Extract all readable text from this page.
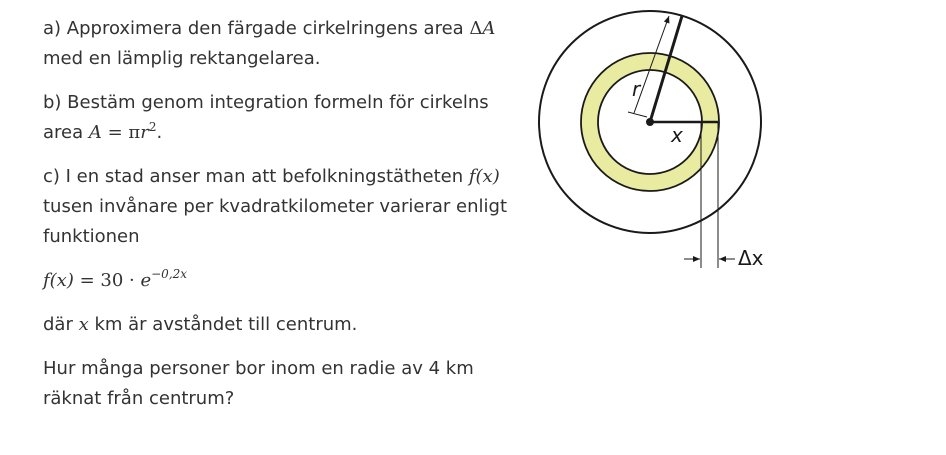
a) Approximera den färgade cirkelringens area ΔA
med en lämplig rektangelarea.

b) Bestäm genom integration formeln för cirkelns
area $A = \pi r^2$.

c) I en stad anser man att befolkningstätheten f(x)
tusen invånare per kvadratkilometer varierar enligt
funktionen

$f(x) = 30 \cdot e^{-0,2x}$

där x km är avståndet till centrum.

Hur många personer bor inom en radie av 4 km
räknat från centrum?

r
x
Δx
